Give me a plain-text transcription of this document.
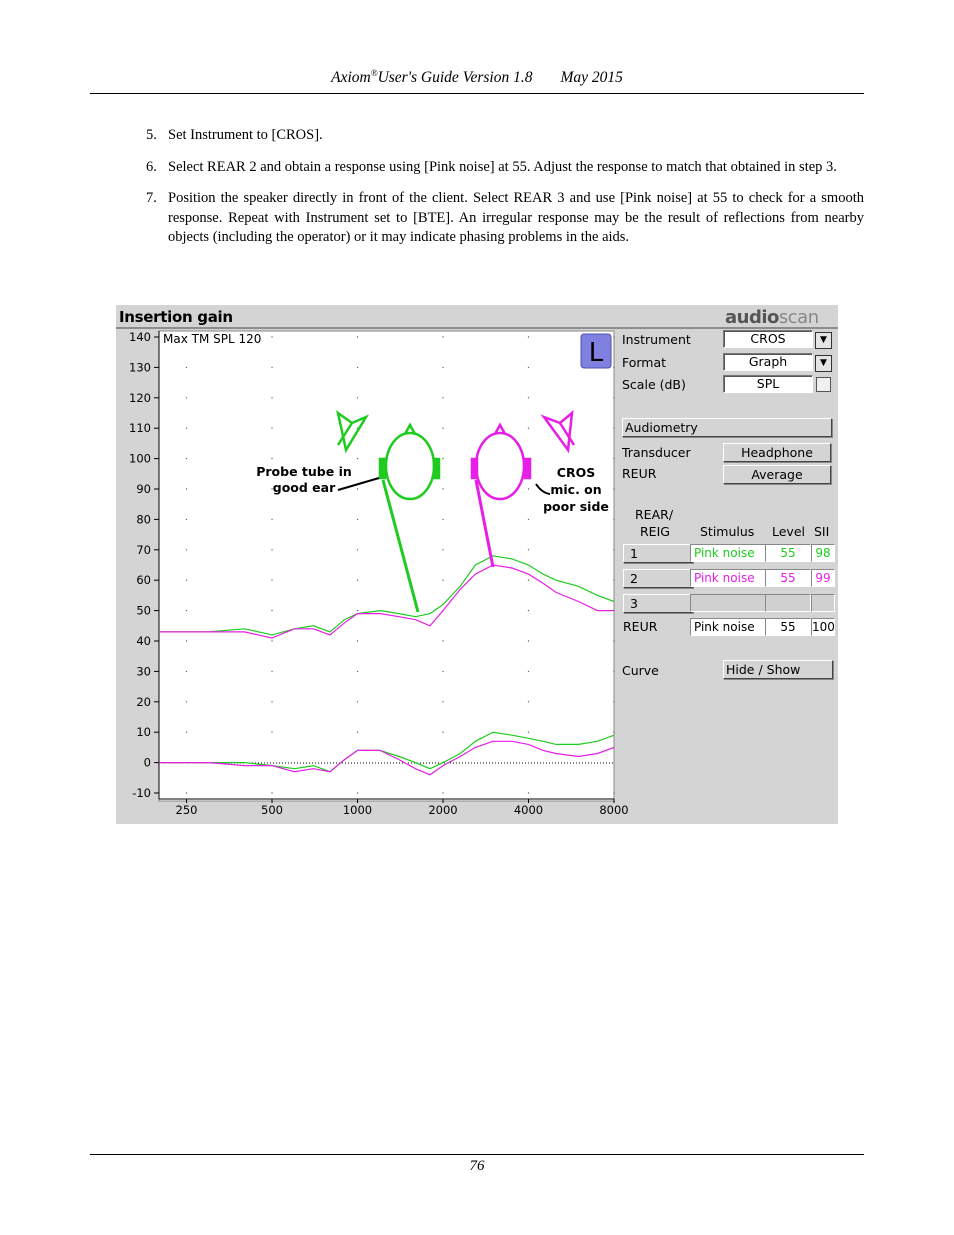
Axiom®User's Guide Version 1.8 May 2015
5. Set Instrument to [CROS].
6. Select REAR 2 and obtain a response using [Pink noise] at 55. Adjust the response to match that obtained in step 3.
7. Position the speaker directly in front of the client. Select REAR 3 and use [Pink noise] at 55 to check for a smooth response. Repeat with Instrument set to [BTE]. An irregular response may be the result of reflections from nearby objects (including the operator) or it may indicate phasing problems in the aids.
140
130
120
110
100
90
80
70
60
50
40
30
20
10
0
-10
250	500	1000	2000	4000	8000
Probe tube in
good ear
CROS
mic. on
poor side
Max TM SPL 120	L
Insertion gain	audioscan
Instrument	CROS	▼
Format	Graph	▼
Scale (dB)	SPL
Audiometry
Transducer	Headphone
REUR	Average
REAR/
REIG Stimulus Level SII
1	Pink noise	55	98
2	Pink noise	55	99
3
REUR	Pink noise	55	100
Curve	Hide / Show
76
